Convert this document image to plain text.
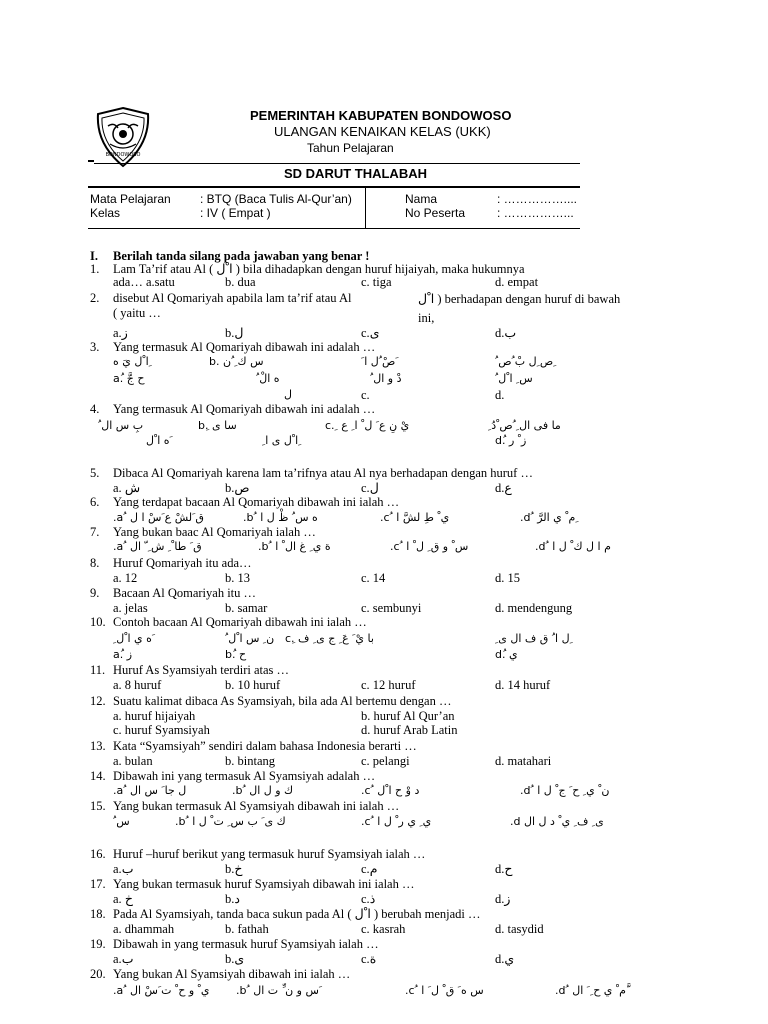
BONDOWOSO
PEMERINTAH KABUPATEN BONDOWOSO
ULANGAN KENAIKAN KELAS (UKK)
Tahun Pelajaran
SD DARUT THALABAH
Mata Pelajaran : BTQ (Baca Tulis Al-Qur’an)
Kelas	: IV ( Empat )
Nama	: ……………....
No Peserta	: ……………...
I. Berilah tanda silang pada jawaban yang benar !
1. Lam Ta’rif atau Al ( ا ْل ) bila dihadapkan dengan huruf hijaiyah, maka hukumnya
ada… a.satu	b. dua	c. tiga	d. empat
2. disebut Al Qomariyah apabila lam ta’rif atau Al	ا ْل ) berhadapan dengan huruf di bawah
( yaitu …	ini,
a.ز	b.ل	c.ى	d.ب
3. Yang termasuk Al Qomariyah dibawah ini adalah …
ا ْل يَ ه ِ	b. س ك ِ ُن	َ صْ ُل ا َ	ُ ص ِل بْ ُص ِ
a.ُ ح جَّ	ُ ه الْ	ُ دْ و ال	ُ س ِ ا ْل
ل	c.	d.
4. Yang termasuk Al Qomariyah dibawah ini adalah …
ُ بِ س ال	b.ِ سا ى	c. ِ يْ نِ ع َ ل ْ ا ِ ع	ِ ما فی ال ِ ُص ْدُ
ه ا ْل َ	ِ ا ْل ى ا ِ	d.ُ ز ْ ر
5. Dibaca Al Qomariyah karena lam ta’rifnya atau Al nya berhadapan dengan huruf …
a. ش	b.ص	c.ل	d.ع
6. Yang terdapat bacaan Al Qomariyah dibawah ini ialah …
.a ُ ق َلشْ ع َسْ ا ل	.b ُ ه س ُ ظْ ل ا	.c ُ ي ْ طِ لشَّ ا	.d ُ م ْ ي الرَّ ِ
7. Yang bukan baac Al Qomariyah ialah …
.a ُ ق َ طا ْ ِ ش ِ ّ ال	.b ُ ة ي ِ غ ال ْ ا	.c ُ س ْ و ق ِ ل ْ ا	.d ُ م ا ل ك ْ ل ا
8. Huruf Qomariyah itu ada…
a. 12	b. 13	c. 14	d. 15
9. Bacaan Al Qomariyah itu …
a. jelas	b. samar	c. sembunyi	d. mendengung
10. Contoh bacaan Al Qomariyah dibawah ini ialah …
ِ ه ي ا ْل َ	ُ ن ِ س ا ْل c.ِ با يْ َ عَ ِ ج ى ِ ف	ِ ل ا ُ ق ف ال ى ِ
a.ُ ز	b.ُ ح	d.ُ ي
11. Huruf As Syamsiyah terdiri atas …
a. 8 huruf	b. 10 huruf	c. 12 huruf	d. 14 huruf
12. Suatu kalimat dibaca As Syamsiyah, bila ada Al bertemu dengan …
a. huruf hijaiyah	b. huruf Al Qur’an
c. huruf Syamsiyah	d. huruf Arab Latin
13. Kata “Syamsiyah” sendiri dalam bahasa Indonesia berarti …
a. bulan	b. bintang	c. pelangi	d. matahari
14. Dibawah ini yang termasuk Al Syamsiyah adalah …
.a ُ ل جا َ س ال	.b ُ ك و ل ال	.c ُ د وْ ح ا ْل	.d ُ ن ْ ي ِ ح َ ج ْ ل ا
15. Yang bukan termasuk Al Syamsiyah dibawah ini ialah …
ُ س	.b ُ ك ى َ ب س ِ ت ْ ل ا	.c ُ ي ِ ي ر ْ ل ا	.d ى ِ ف ِ ي ْ د ل ال
16. Huruf –huruf berikut yang termasuk huruf Syamsiyah ialah …
a.ب	b.خ	c.م	d.ح
17. Yang bukan termasuk huruf Syamsiyah dibawah ini ialah …
a. خ	b.د	c.ذ	d.ز
18. Pada Al Syamsiyah, tanda baca sukun pada Al ( ا ْل ) berubah menjadi …
a. dhammah	b. fathah	c. kasrah	d. tasydid
19. Dibawah in yang termasuk huruf Syamsiyah ialah …
a.ب	b.ى	c.ة	d.ي
20. Yang bukan Al Syamsiyah dibawah ini ialah …
.a ُ ي ْ و ح ْ ت َسْ ال .b ُ س و ن ِّ ت ال َ	.c ُ س ه َ ق ْ ل َ ا	.d ُ م ْ ي ح ِ َ ال َّ
